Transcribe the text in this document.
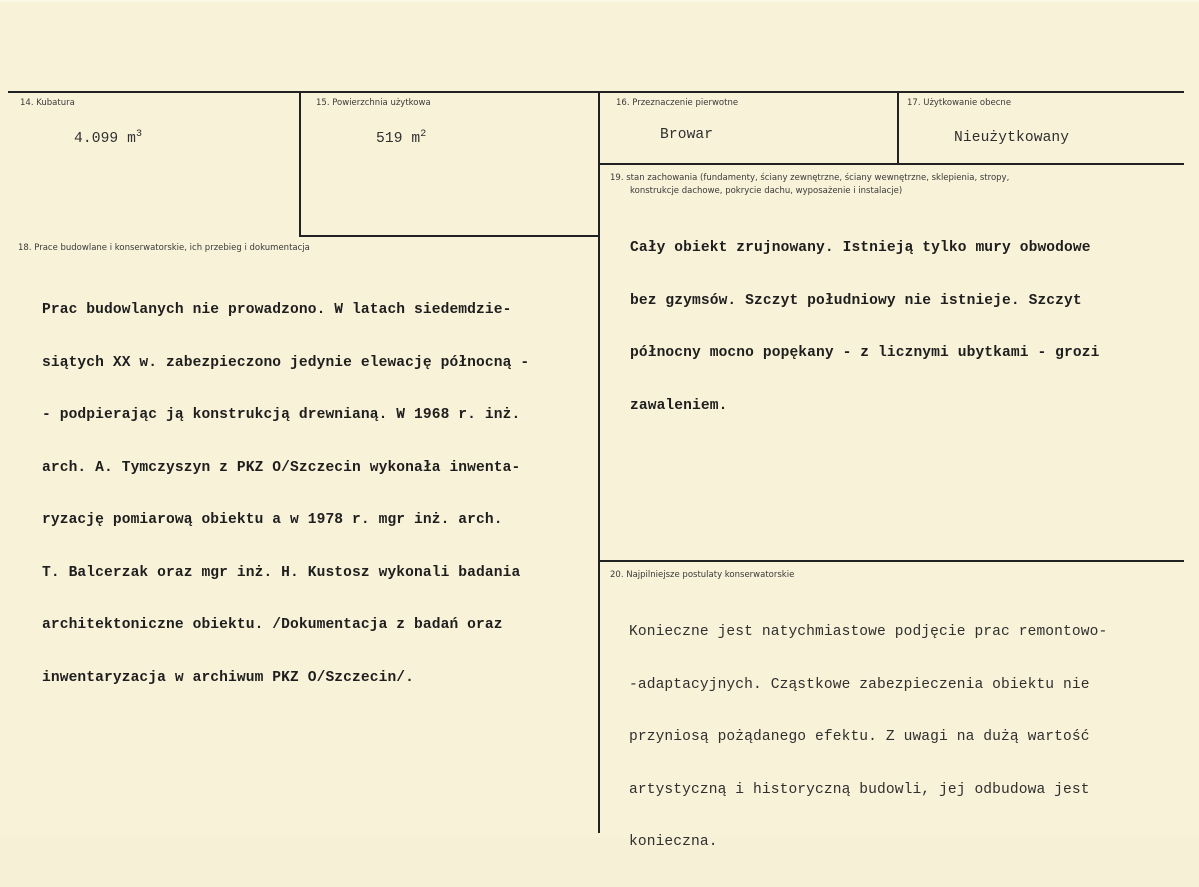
14. Kubatura
4.099 $m^3$
15. Powierzchnia użytkowa
519 $m^2$
16. Przeznaczenie pierwotne
Browar
17. Użytkowanie obecne
Nieużytkowany
18. Prace budowlane i konserwatorskie, ich przebieg i dokumentacja

Prac budowlanych nie prowadzono. W latach siedemdzie-

siątych XX w. zabezpieczono jedynie elewację północną -

- podpierając ją konstrukcją drewnianą. W 1968 r. inż.

arch. A. Tymczyszyn z PKZ O/Szczecin wykonała inwenta-

ryzację pomiarową obiektu a w 1978 r. mgr inż. arch.

T. Balcerzak oraz mgr inż. H. Kustosz wykonali badania

architektoniczne obiektu. /Dokumentacja z badań oraz

inwentaryzacja w archiwum PKZ O/Szczecin/.

19. stan zachowania (fundamenty, ściany zewnętrzne, ściany wewnętrzne, sklepienia, stropy,
konstrukcje dachowe, pokrycie dachu, wyposażenie i instalacje)

Cały obiekt zrujnowany. Istnieją tylko mury obwodowe

bez gzymsów. Szczyt południowy nie istnieje. Szczyt

północny mocno popękany - z licznymi ubytkami - grozi

zawaleniem.

20. Najpilniejsze postulaty konserwatorskie

Konieczne jest natychmiastowe podjęcie prac remontowo-

-adaptacyjnych. Cząstkowe zabezpieczenia obiektu nie

przyniosą pożądanego efektu. Z uwagi na dużą wartość

artystyczną i historyczną budowli, jej odbudowa jest

konieczna.
